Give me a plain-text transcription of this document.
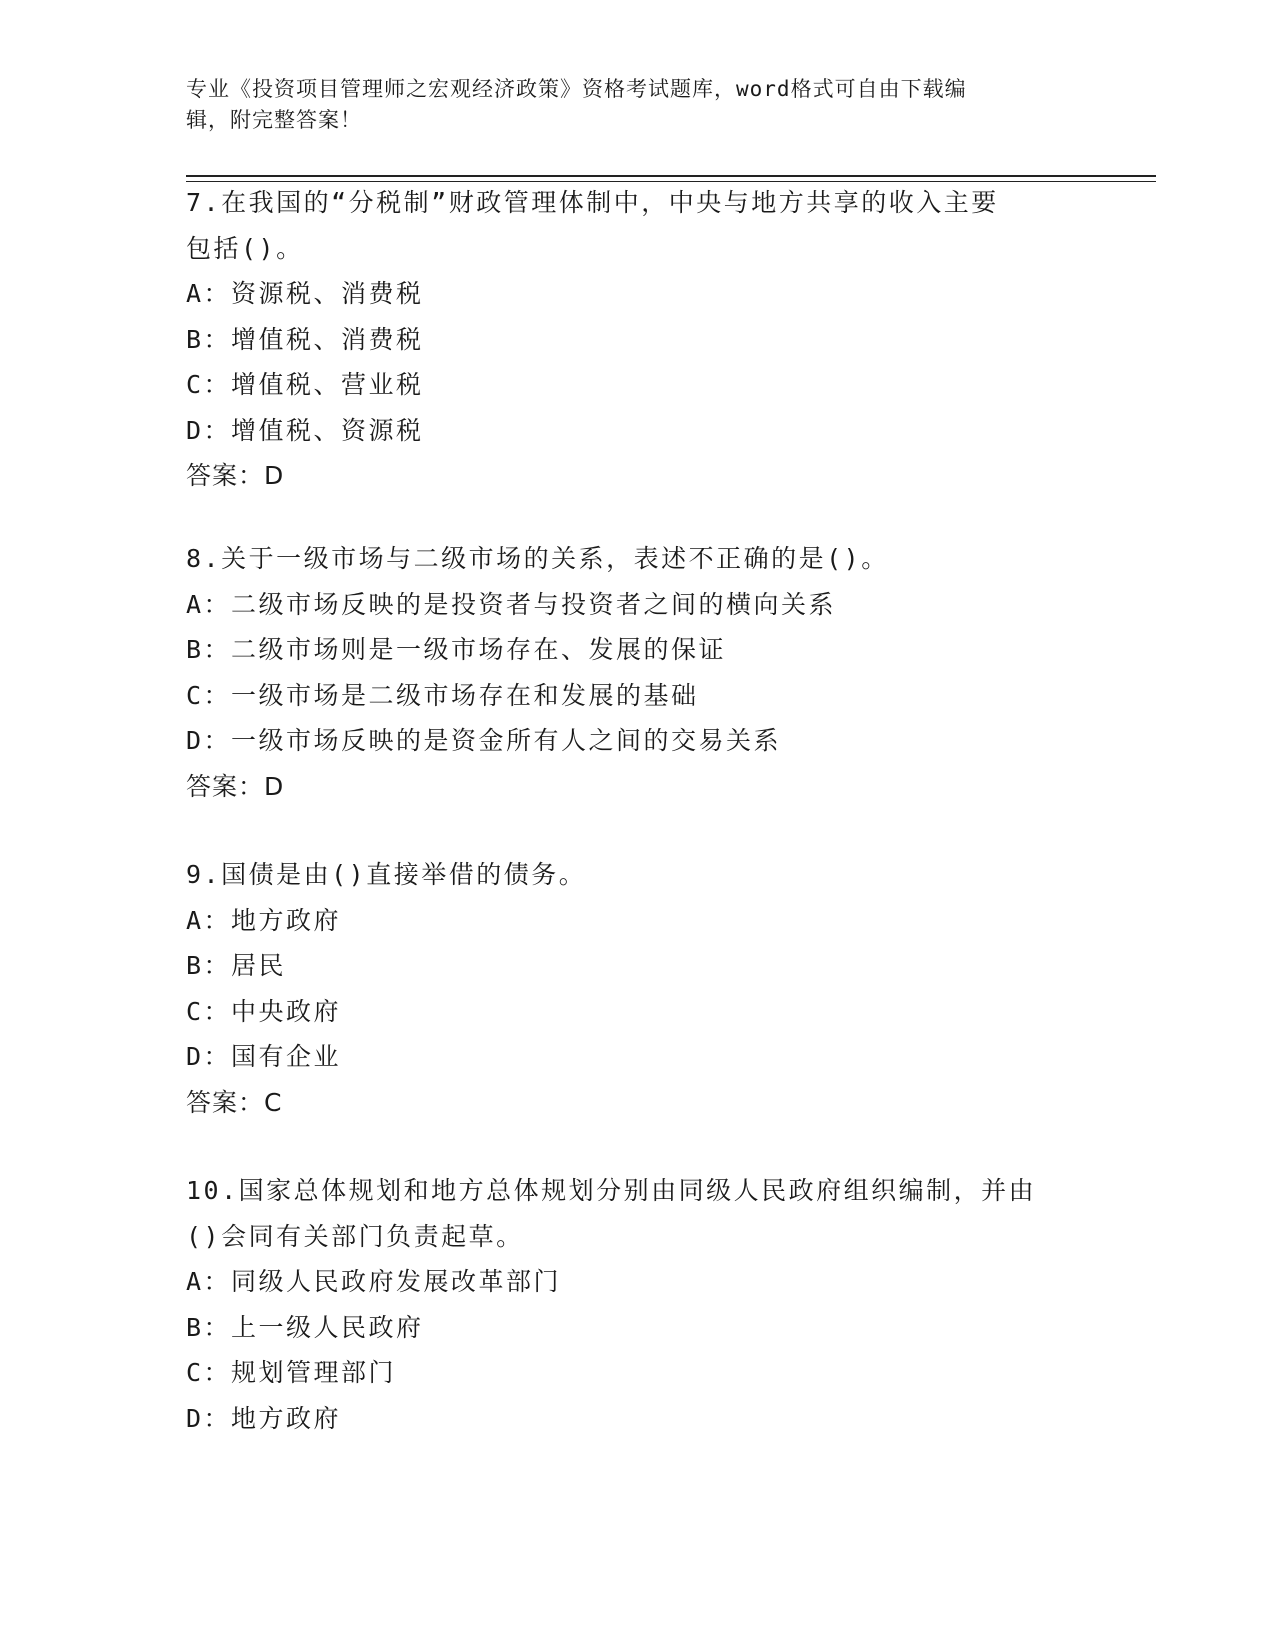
专业《投资项目管理师之宏观经济政策》资格考试题库，word格式可自由下载编
辑，附完整答案！
7.在我国的“分税制”财政管理体制中，中央与地方共享的收入主要
包括()。
A：资源税、消费税
B：增值税、消费税
C：增值税、营业税
D：增值税、资源税
答案：D
8.关于一级市场与二级市场的关系，表述不正确的是()。
A：二级市场反映的是投资者与投资者之间的横向关系
B：二级市场则是一级市场存在、发展的保证
C：一级市场是二级市场存在和发展的基础
D：一级市场反映的是资金所有人之间的交易关系
答案：D
9.国债是由()直接举借的债务。
A：地方政府
B：居民
C：中央政府
D：国有企业
答案：C
10.国家总体规划和地方总体规划分别由同级人民政府组织编制，并由
()会同有关部门负责起草。
A：同级人民政府发展改革部门
B：上一级人民政府
C：规划管理部门
D：地方政府
